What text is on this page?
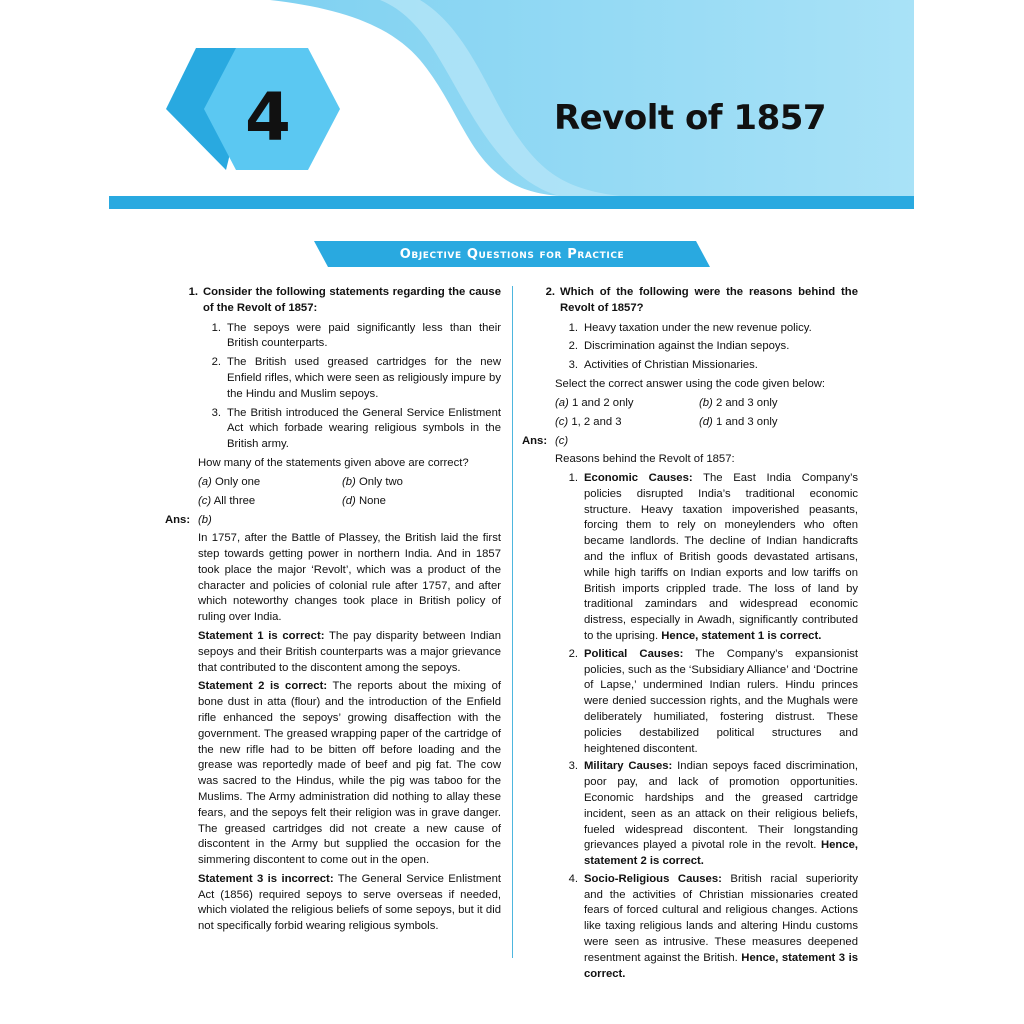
4	Revolt of 1857
Objective Questions for Practice
1. Consider the following statements regarding the cause of the Revolt of 1857:
1. The sepoys were paid significantly less than their British counterparts.
2. The British used greased cartridges for the new Enfield rifles, which were seen as religiously impure by the Hindu and Muslim sepoys.
3. The British introduced the General Service Enlistment Act which forbade wearing religious symbols in the British army.
How many of the statements given above are correct?
(a) Only one	(b) Only two
(c) All three	(d) None
Ans: (b)
In 1757, after the Battle of Plassey, the British laid the first step towards getting power in northern India. And in 1857 took place the major ‘Revolt’, which was a product of the character and policies of colonial rule after 1757, and after which noteworthy changes took place in British policy of ruling over India.
Statement 1 is correct: The pay disparity between Indian sepoys and their British counterparts was a major grievance that contributed to the discontent among the sepoys.
Statement 2 is correct: The reports about the mixing of bone dust in atta (flour) and the introduction of the Enfield rifle enhanced the sepoys’ growing disaffection with the government. The greased wrapping paper of the cartridge of the new rifle had to be bitten off before loading and the grease was reportedly made of beef and pig fat. The cow was sacred to the Hindus, while the pig was taboo for the Muslims. The Army administration did nothing to allay these fears, and the sepoys felt their religion was in grave danger. The greased cartridges did not create a new cause of discontent in the Army but supplied the occasion for the simmering discontent to come out in the open.
Statement 3 is incorrect: The General Service Enlistment Act (1856) required sepoys to serve overseas if needed, which violated the religious beliefs of some sepoys, but it did not specifically forbid wearing religious symbols.
2. Which of the following were the reasons behind the Revolt of 1857?
1. Heavy taxation under the new revenue policy.
2. Discrimination against the Indian sepoys.
3. Activities of Christian Missionaries.
Select the correct answer using the code given below:
(a) 1 and 2 only	(b) 2 and 3 only
(c) 1, 2 and 3	(d) 1 and 3 only
Ans: (c)
Reasons behind the Revolt of 1857:
1. Economic Causes: The East India Company’s policies disrupted India’s traditional economic structure. Heavy taxation impoverished peasants, forcing them to rely on moneylenders who often became landlords. The decline of Indian handicrafts and the influx of British goods devastated artisans, while high tariffs on Indian exports and low tariffs on British imports crippled trade. The loss of land by traditional zamindars and widespread economic distress, especially in Awadh, significantly contributed to the uprising. Hence, statement 1 is correct.
2. Political Causes: The Company’s expansionist policies, such as the ‘Subsidiary Alliance’ and ‘Doctrine of Lapse,’ undermined Indian rulers. Hindu princes were denied succession rights, and the Mughals were deliberately humiliated, fostering distrust. These policies destabilized political structures and heightened discontent.
3. Military Causes: Indian sepoys faced discrimination, poor pay, and lack of promotion opportunities. Economic hardships and the greased cartridge incident, seen as an attack on their religious beliefs, fueled widespread discontent. Their longstanding grievances played a pivotal role in the revolt. Hence, statement 2 is correct.
4. Socio-Religious Causes: British racial superiority and the activities of Christian missionaries created fears of forced cultural and religious changes. Actions like taxing religious lands and altering Hindu customs were seen as intrusive. These measures deepened resentment against the British. Hence, statement 3 is correct.
